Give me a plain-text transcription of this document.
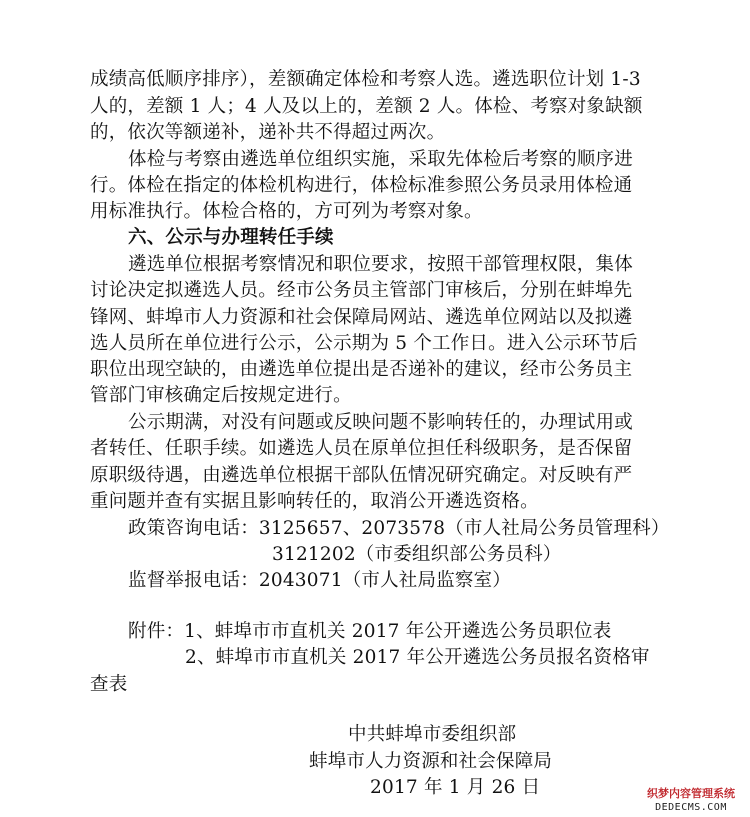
成绩高低顺序排序），差额确定体检和考察人选。遴选职位计划 1-3
人的，差额 1 人；4 人及以上的，差额 2 人。体检、考察对象缺额
的，依次等额递补，递补共不得超过两次。
体检与考察由遴选单位组织实施，采取先体检后考察的顺序进
行。体检在指定的体检机构进行，体检标准参照公务员录用体检通
用标准执行。体检合格的，方可列为考察对象。
六、公示与办理转任手续
遴选单位根据考察情况和职位要求，按照干部管理权限，集体
讨论决定拟遴选人员。经市公务员主管部门审核后，分别在蚌埠先
锋网、蚌埠市人力资源和社会保障局网站、遴选单位网站以及拟遴
选人员所在单位进行公示，公示期为 5 个工作日。进入公示环节后
职位出现空缺的，由遴选单位提出是否递补的建议，经市公务员主
管部门审核确定后按规定进行。
公示期满，对没有问题或反映问题不影响转任的，办理试用或
者转任、任职手续。如遴选人员在原单位担任科级职务，是否保留
原职级待遇，由遴选单位根据干部队伍情况研究确定。对反映有严
重问题并查有实据且影响转任的，取消公开遴选资格。
政策咨询电话：3125657、2073578（市人社局公务员管理科）
3121202（市委组织部公务员科）
监督举报电话：2043071（市人社局监察室）
附件：1、蚌埠市市直机关 2017 年公开遴选公务员职位表
2、蚌埠市市直机关 2017 年公开遴选公务员报名资格审
查表
中共蚌埠市委组织部
蚌埠市人力资源和社会保障局
2017 年 1 月 26 日	织梦内容管理系统
DEDECMS.COM
